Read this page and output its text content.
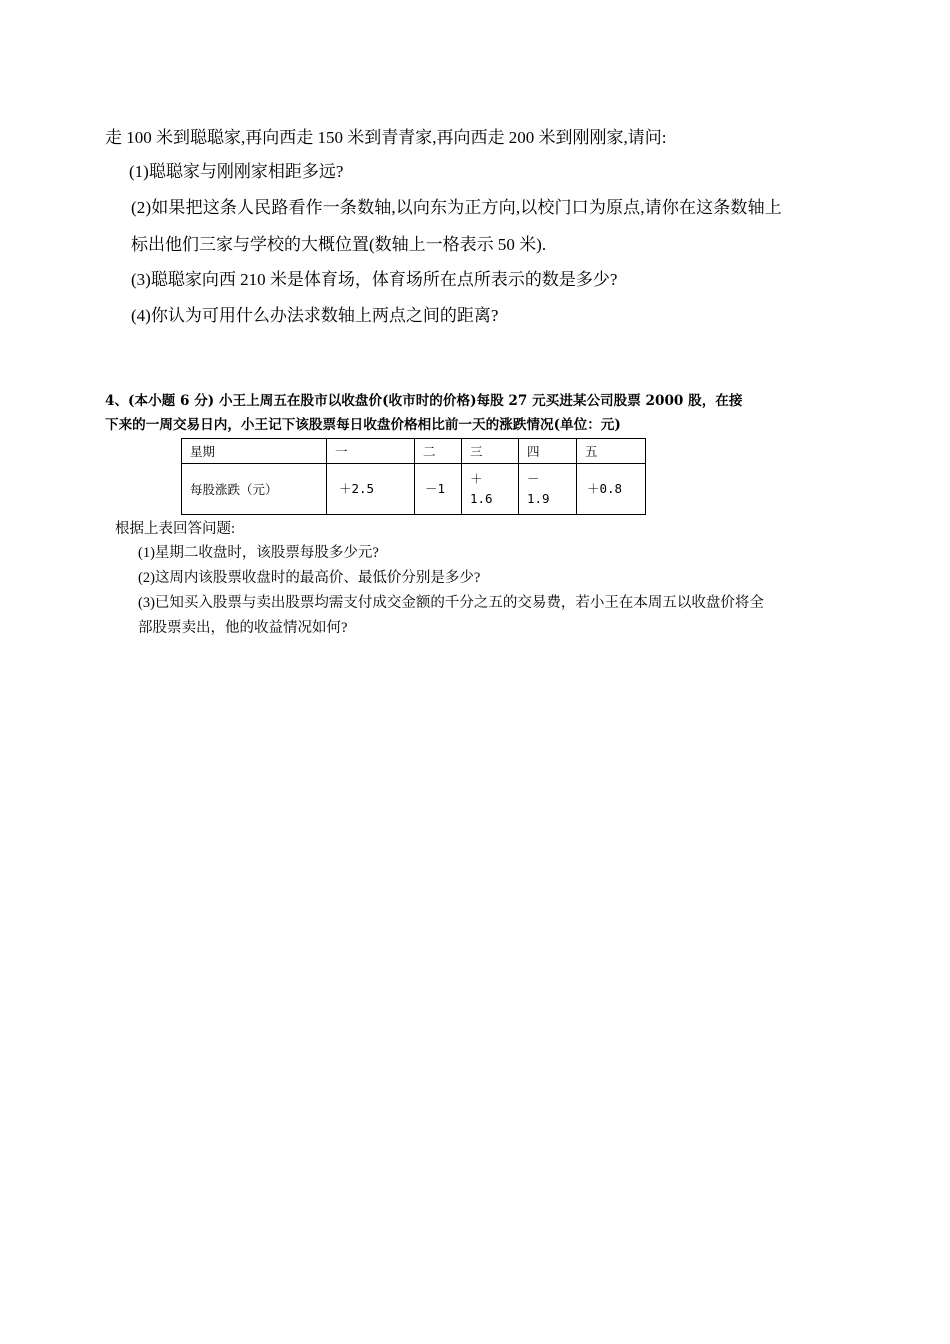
走 100 米到聪聪家,再向西走 150 米到青青家,再向西走 200 米到刚刚家,请问:
(1)聪聪家与刚刚家相距多远?
(2)如果把这条人民路看作一条数轴,以向东为正方向,以校门口为原点,请你在这条数轴上
标出他们三家与学校的大概位置(数轴上一格表示 50 米).
(3)聪聪家向西 210 米是体育场，体育场所在点所表示的数是多少?
(4)你认为可用什么办法求数轴上两点之间的距离?
4、(本小题 6 分) 小王上周五在股市以收盘价(收市时的价格)每股 27 元买进某公司股票 2000 股，在接
下来的一周交易日内，小王记下该股票每日收盘价格相比前一天的涨跌情况(单位：元)
星期	一	二	三	四	五
每股涨跌（元）	＋2.5	－1	＋
1.6	－
1.9	＋0.8
根据上表回答问题:
(1)星期二收盘时，该股票每股多少元?
(2)这周内该股票收盘时的最高价、最低价分别是多少?
(3)已知买入股票与卖出股票均需支付成交金额的千分之五的交易费，若小王在本周五以收盘价将全
部股票卖出，他的收益情况如何?
